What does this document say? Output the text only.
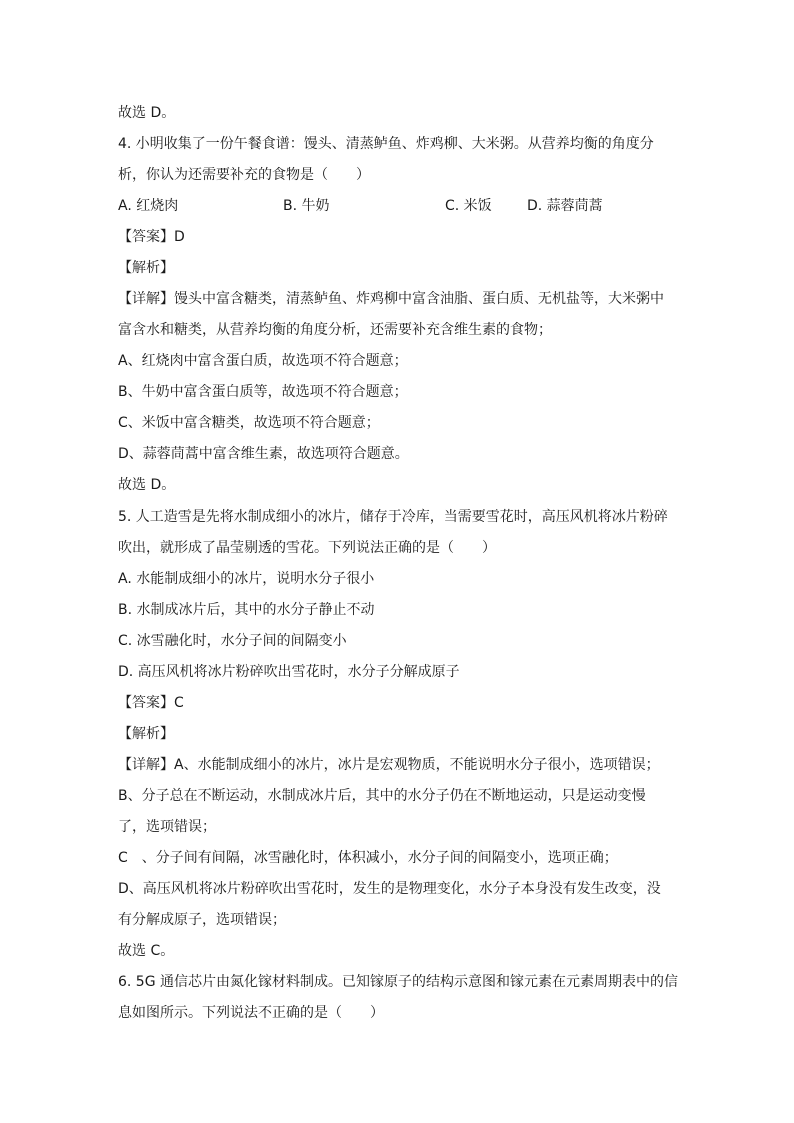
故选 D。
4. 小明收集了一份午餐食谱：馒头、清蒸鲈鱼、炸鸡柳、大米粥。从营养均衡的角度分
析，你认为还需要补充的食物是（　　）
A. 红烧肉	B. 牛奶	C. 米饭	D. 蒜蓉茼蒿
【答案】D
【解析】
【详解】馒头中富含糖类，清蒸鲈鱼、炸鸡柳中富含油脂、蛋白质、无机盐等，大米粥中
富含水和糖类，从营养均衡的角度分析，还需要补充含维生素的食物；
A、红烧肉中富含蛋白质，故选项不符合题意；
B、牛奶中富含蛋白质等，故选项不符合题意；
C、米饭中富含糖类，故选项不符合题意；
D、蒜蓉茼蒿中富含维生素，故选项符合题意。
故选 D。
5. 人工造雪是先将水制成细小的冰片，储存于冷库，当需要雪花时，高压风机将冰片粉碎
吹出，就形成了晶莹剔透的雪花。下列说法正确的是（　　）
A. 水能制成细小的冰片，说明水分子很小
B. 水制成冰片后，其中的水分子静止不动
C. 冰雪融化时，水分子间的间隔变小
D. 高压风机将冰片粉碎吹出雪花时，水分子分解成原子
【答案】C
【解析】
【详解】A、水能制成细小的冰片，冰片是宏观物质，不能说明水分子很小，选项错误；
B、分子总在不断运动，水制成冰片后，其中的水分子仍在不断地运动，只是运动变慢
了，选项错误；
C　、分子间有间隔，冰雪融化时，体积减小，水分子间的间隔变小，选项正确；
D、高压风机将冰片粉碎吹出雪花时，发生的是物理变化，水分子本身没有发生改变，没
有分解成原子，选项错误；
故选 C。
6. 5G 通信芯片由氮化镓材料制成。已知镓原子的结构示意图和镓元素在元素周期表中的信
息如图所示。下列说法不正确的是（　　）
